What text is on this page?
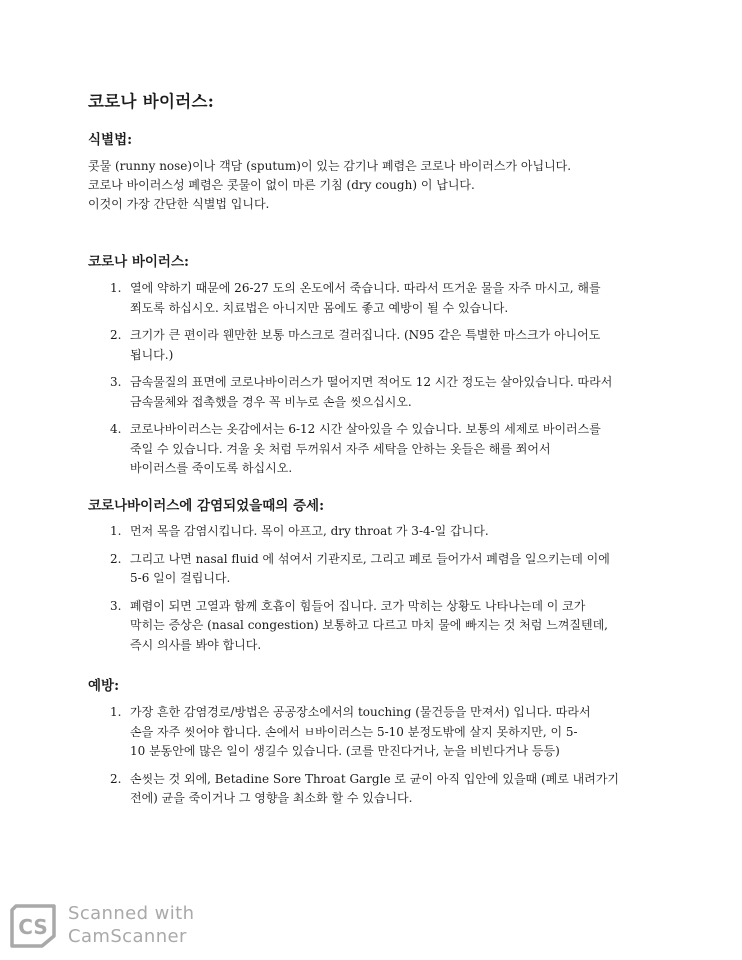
코로나 바이러스:
식별법:
콧물 (runny nose)이나 객담 (sputum)이 있는 감기나 폐렴은 코로나 바이러스가 아닙니다.
코로나 바이러스성 폐렴은 콧물이 없이 마른 기침 (dry cough) 이 납니다.
이것이 가장 간단한 식별법 입니다.
코로나 바이러스:
1. 열에 약하기 때문에 26-27 도의 온도에서 죽습니다. 따라서 뜨거운 물을 자주 마시고, 해를
쬐도록 하십시오. 치료법은 아니지만 몸에도 좋고 예방이 될 수 있습니다.
2. 크기가 큰 편이라 웬만한 보통 마스크로 걸러집니다. (N95 같은 특별한 마스크가 아니어도
됩니다.)
3. 금속물질의 표면에 코로나바이러스가 떨어지면 적어도 12 시간 정도는 살아있습니다. 따라서
금속물체와 접촉했을 경우 꼭 비누로 손을 씻으십시오.
4. 코로나바이러스는 옷감에서는 6-12 시간 살아있을 수 있습니다. 보통의 세제로 바이러스를
죽일 수 있습니다. 겨울 옷 처럼 두꺼워서 자주 세탁을 안하는 옷들은 해를 쬐어서
바이러스를 죽이도록 하십시오.
코로나바이러스에 감염되었을때의 증세:
1. 먼저 목을 감염시킵니다. 목이 아프고, dry throat 가 3-4-일 갑니다.
2. 그리고 나면 nasal fluid 에 섞여서 기관지로, 그리고 폐로 들어가서 폐렴을 일으키는데 이에
5-6 일이 걸립니다.
3. 폐렴이 되면 고열과 함께 호흡이 힘들어 집니다. 코가 막히는 상황도 나타나는데 이 코가
막히는 증상은 (nasal congestion) 보통하고 다르고 마치 물에 빠지는 것 처럼 느껴질텐데,
즉시 의사를 봐야 합니다.
예방:
1. 가장 흔한 감염경로/방법은 공공장소에서의 touching (물건등을 만져서) 입니다. 따라서
손을 자주 씻어야 합니다. 손에서 ㅂ바이러스는 5-10 분정도밖에 살지 못하지만, 이 5-
10 분동안에 많은 일이 생길수 있습니다. (코를 만진다거나, 눈을 비빈다거나 등등)
2. 손씻는 것 외에, Betadine Sore Throat Gargle 로 균이 아직 입안에 있을때 (폐로 내려가기
전에) 균을 죽이거나 그 영향을 최소화 할 수 있습니다.
CS
Scanned with
CamScanner
